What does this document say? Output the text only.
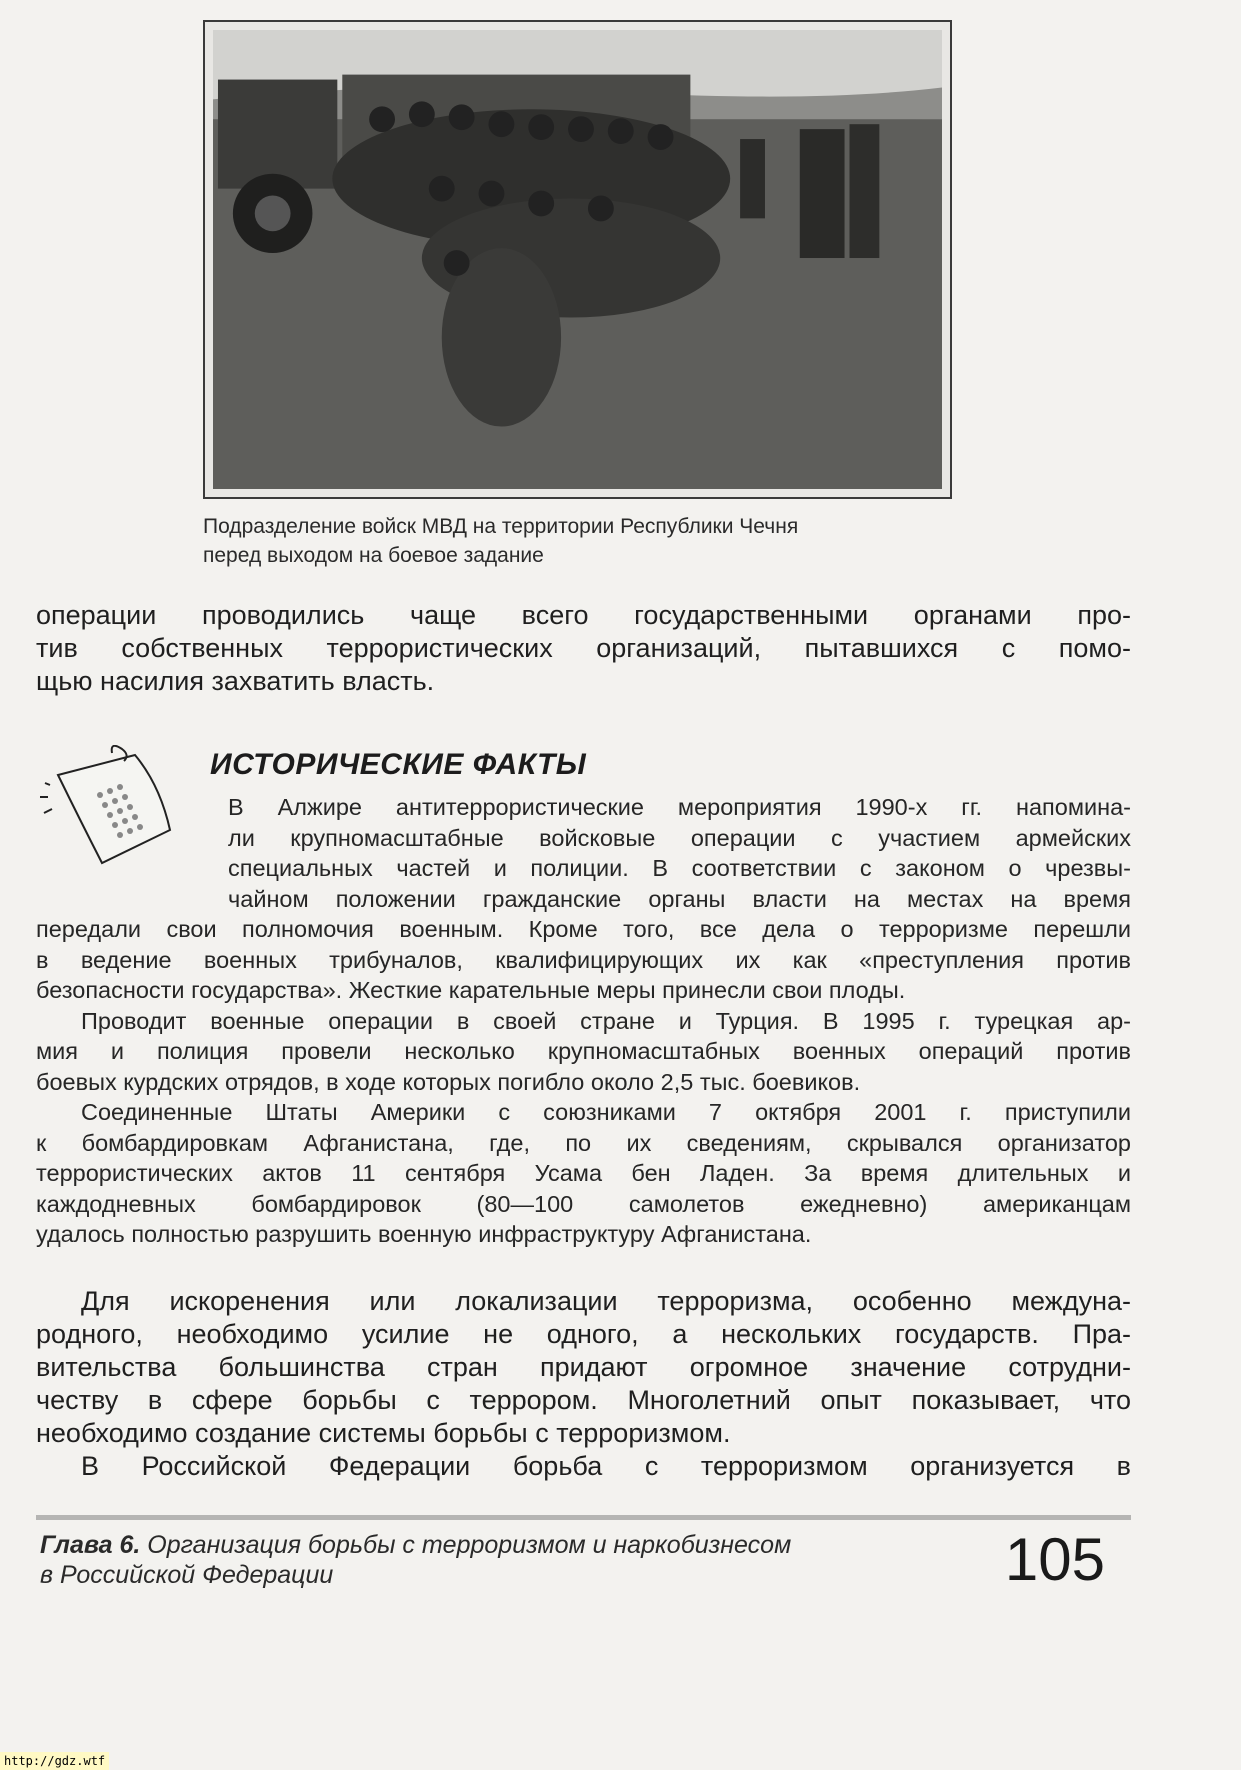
Подразделение войск МВД на территории Республики Чечня
перед выходом на боевое задание
операции проводились чаще всего государственными органами про-
тив собственных террористических организаций, пытавшихся с помо-
щью насилия захватить власть.
ИСТОРИЧЕСКИЕ ФАКТЫ
В Алжире антитеррористические мероприятия 1990-х гг. напомина-
ли крупномасштабные войсковые операции с участием армейских
специальных частей и полиции. В соответствии с законом о чрезвы-
чайном положении гражданские органы власти на местах на время
передали свои полномочия военным. Кроме того, все дела о терроризме перешли
в ведение военных трибуналов, квалифицирующих их как «преступления против
безопасности государства». Жесткие карательные меры принесли свои плоды.
Проводит военные операции в своей стране и Турция. В 1995 г. турецкая ар-
мия и полиция провели несколько крупномасштабных военных операций против
боевых курдских отрядов, в ходе которых погибло около 2,5 тыс. боевиков.
Соединенные Штаты Америки с союзниками 7 октября 2001 г. приступили
к бомбардировкам Афганистана, где, по их сведениям, скрывался организатор
террористических актов 11 сентября Усама бен Ладен. За время длительных и
каждодневных бомбардировок (80—100 самолетов ежедневно) американцам
удалось полностью разрушить военную инфраструктуру Афганистана.
Для искоренения или локализации терроризма, особенно междуна-
родного, необходимо усилие не одного, а нескольких государств. Пра-
вительства большинства стран придают огромное значение сотрудни-
честву в сфере борьбы с террором. Многолетний опыт показывает, что
необходимо создание системы борьбы с терроризмом.
В Российской Федерации борьба с терроризмом организуется в
Глава 6. Организация борьбы с терроризмом и наркобизнесом
в Российской Федерации	105
http://gdz.wtf
